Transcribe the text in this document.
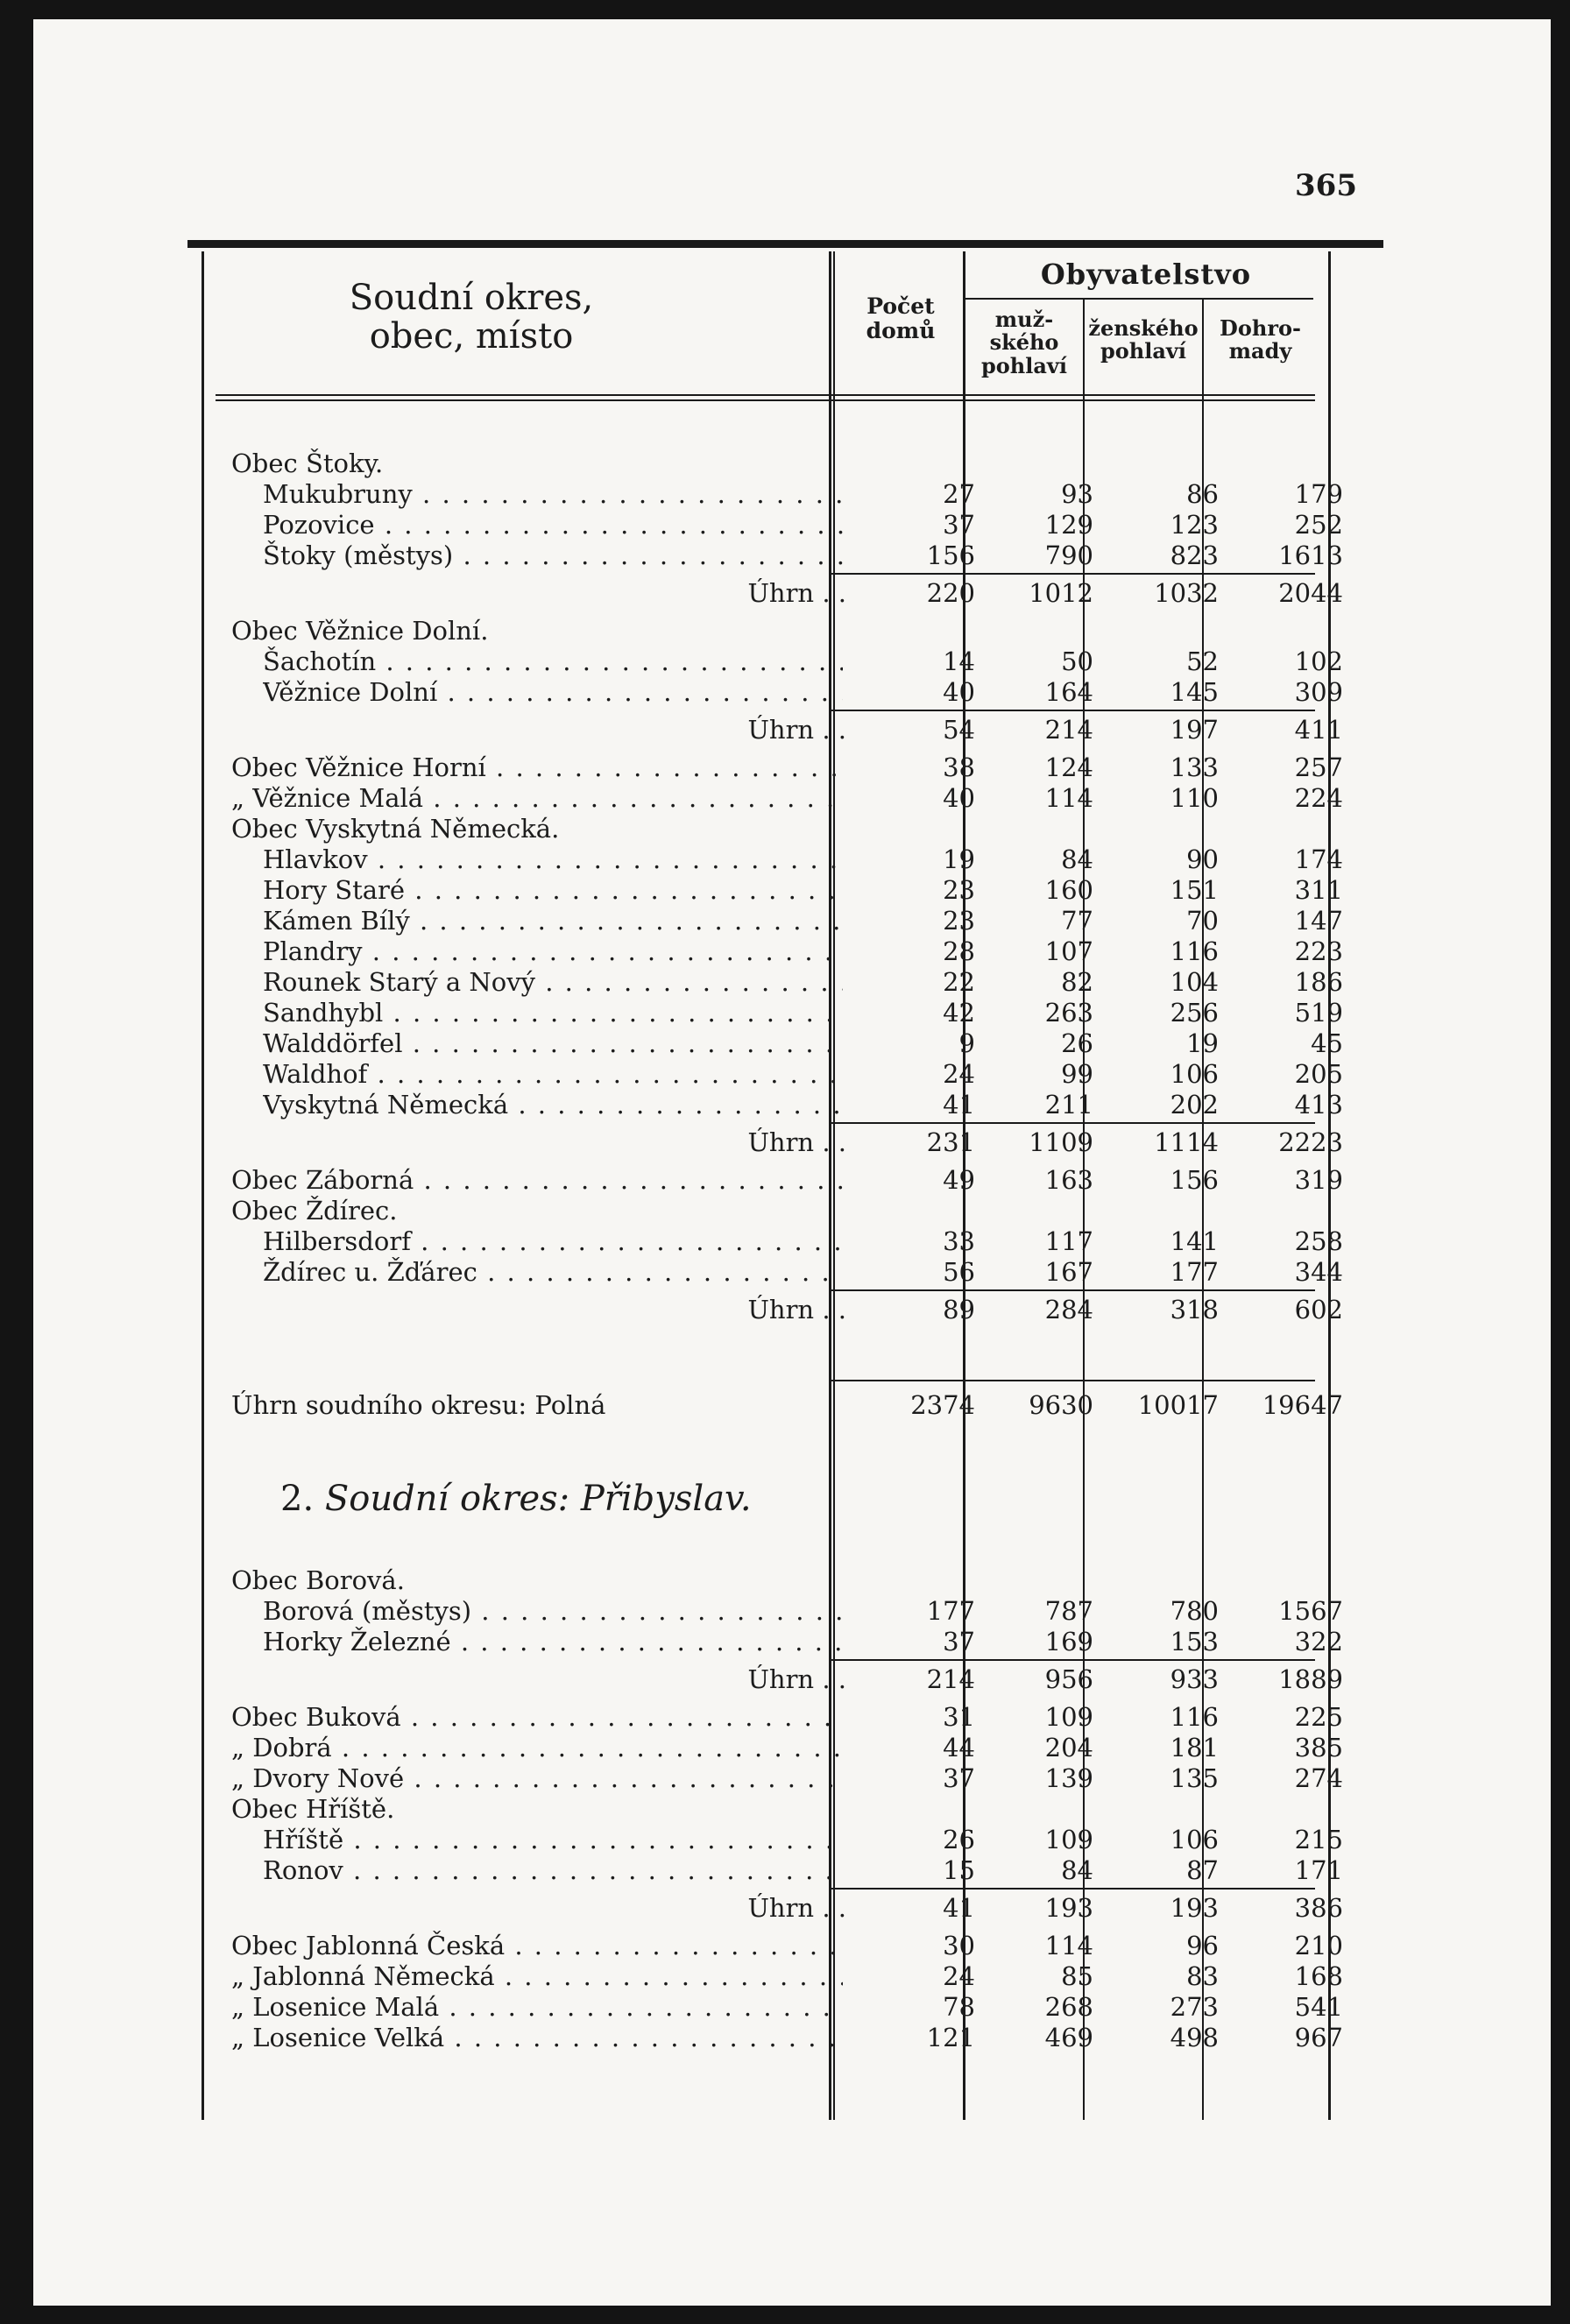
365
Soudní okres,
obec, místo
Počet
domů
Obyvatelstvo
muž-
ského
pohlaví
ženského
pohlaví
Dohro-
mady
Obec Štoky.
Mukubruny . . .	27	93	86	179
Pozovice . . .	37	129	123	252
Štoky (městys) . . .	156	790	823	1613
Úhrn . .	220	1012	1032	2044
Obec Věžnice Dolní.
Šachotín . . .	14	50	52	102
Věžnice Dolní . . .	40	164	145	309
Úhrn . .	54	214	197	411
Obec Věžnice Horní . . .	38	124	133	257
„ Věžnice Malá . . .	40	114	110	224
Obec Vyskytná Německá.
Hlavkov . . .	19	84	90	174
Hory Staré . . .	23	160	151	311
Kámen Bílý . . .	23	77	70	147
Plandry . . .	28	107	116	223
Rounek Starý a Nový . . .	22	82	104	186
Sandhybl . . .	42	263	256	519
Walddörfel . . .	9	26	19	45
Waldhof . . .	24	99	106	205
Vyskytná Německá . . .	41	211	202	413
Úhrn . .	231	1109	1114	2223
Obec Záborná . . .	49	163	156	319
Obec Ždírec.
Hilbersdorf . . .	33	117	141	258
Ždírec u. Žďárec . . .	56	167	177	344
Úhrn . .	89	284	318	602
Úhrn soudního okresu: Polná	2374	9630	10017	19647
2. Soudní okres: Přibyslav.
Obec Borová.
Borová (městys) . . .	177	787	780	1567
Horky Železné . . .	37	169	153	322
Úhrn . .	214	956	933	1889
Obec Buková . . .	31	109	116	225
„ Dobrá . . .	44	204	181	385
„ Dvory Nové . . .	37	139	135	274
Obec Hříště.
Hříště . . .	26	109	106	215
Ronov . . .	15	84	87	171
Úhrn . .	41	193	193	386
Obec Jablonná Česká . . .	30	114	96	210
„ Jablonná Německá . . .	24	85	83	168
„ Losenice Malá . . .	78	268	273	541
„ Losenice Velká . . .	121	469	498	967
